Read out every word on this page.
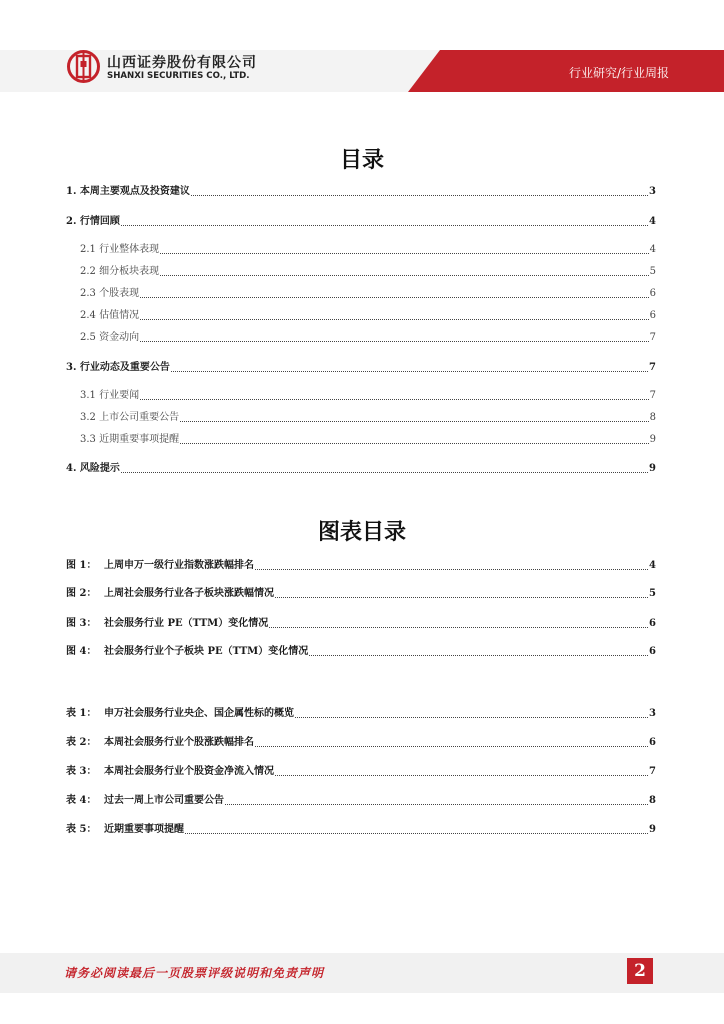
山西证券股份有限公司
SHANXI SECURITIES CO., LTD.	行业研究/行业周报
目录
1. 本周主要观点及投资建议	3
2. 行情回顾	4
2.1 行业整体表现	4
2.2 细分板块表现	5
2.3 个股表现	6
2.4 估值情况	6
2.5 资金动向	7
3. 行业动态及重要公告	7
3.1 行业要闻	7
3.2 上市公司重要公告	8
3.3 近期重要事项提醒	9
4. 风险提示	9
图表目录
图 1： 上周申万一级行业指数涨跌幅排名	4
图 2： 上周社会服务行业各子板块涨跌幅情况	5
图 3： 社会服务行业 PE（TTM）变化情况	6
图 4： 社会服务行业个子板块 PE（TTM）变化情况	6
表 1： 申万社会服务行业央企、国企属性标的概览	3
表 2： 本周社会服务行业个股涨跌幅排名	6
表 3： 本周社会服务行业个股资金净流入情况	7
表 4： 过去一周上市公司重要公告	8
表 5： 近期重要事项提醒	9
请务必阅读最后一页股票评级说明和免责声明	2
